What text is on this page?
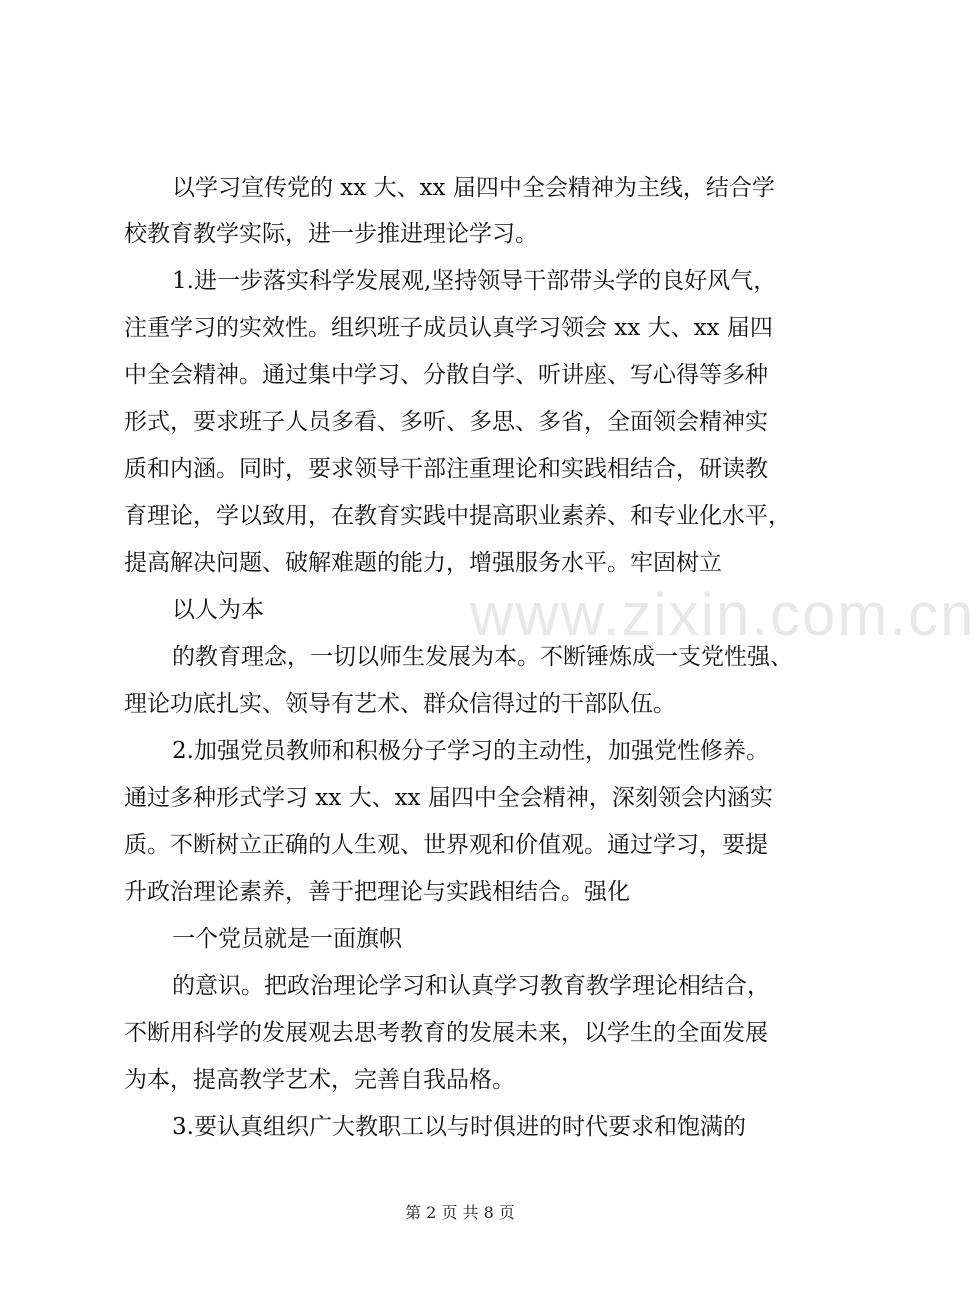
www.zixin.com.cn

以学习宣传党的 xx 大、xx 届四中全会精神为主线，结合学

校教育教学实际，进一步推进理论学习。

1.进一步落实科学发展观,坚持领导干部带头学的良好风气，

注重学习的实效性。组织班子成员认真学习领会 xx 大、xx 届四

中全会精神。通过集中学习、分散自学、听讲座、写心得等多种

形式，要求班子人员多看、多听、多思、多省，全面领会精神实

质和内涵。同时，要求领导干部注重理论和实践相结合，研读教

育理论，学以致用，在教育实践中提高职业素养、和专业化水平，

提高解决问题、破解难题的能力，增强服务水平。牢固树立

以人为本

的教育理念，一切以师生发展为本。不断锤炼成一支党性强、

理论功底扎实、领导有艺术、群众信得过的干部队伍。

2.加强党员教师和积极分子学习的主动性，加强党性修养。

通过多种形式学习 xx 大、xx 届四中全会精神，深刻领会内涵实

质。不断树立正确的人生观、世界观和价值观。通过学习，要提

升政治理论素养，善于把理论与实践相结合。强化

一个党员就是一面旗帜

的意识。把政治理论学习和认真学习教育教学理论相结合，

不断用科学的发展观去思考教育的发展未来，以学生的全面发展

为本，提高教学艺术，完善自我品格。

3.要认真组织广大教职工以与时俱进的时代要求和饱满的

第 2 页 共 8 页
